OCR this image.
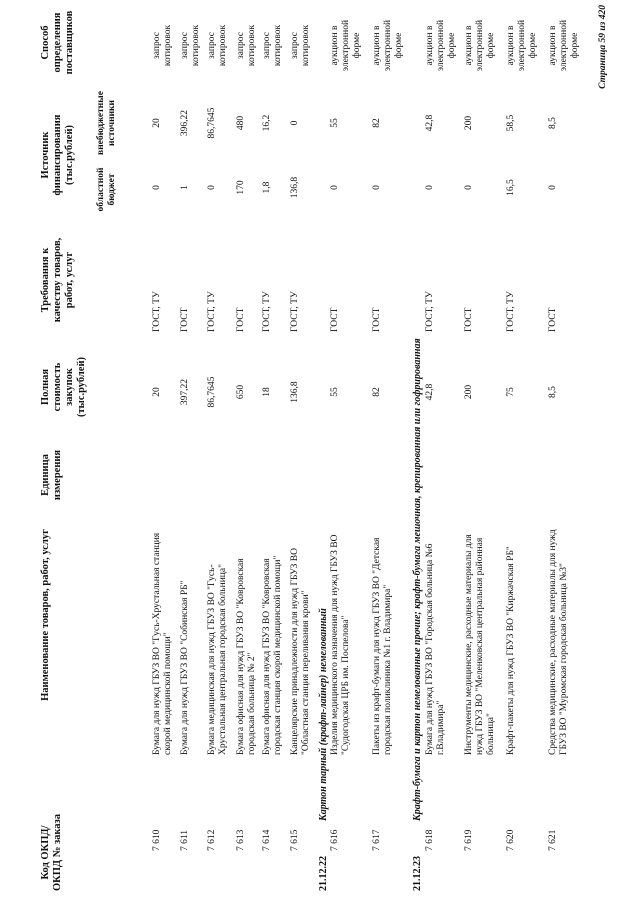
Код ОКПД/ ОКПД № заказа
Наименование товаров, работ, услуг
Единица измерения
Полная стоимость закупок (тыс.рублей)
Требования к качеству товаров, работ, услуг
Источник финансирования (тыс.рублей)
областной бюджет
внебюджетные источники
Способ определения поставщиков
7 610
Бумага для нужд ГБУЗ ВО "Гусь-Хрустальная станция скорой медицинской помощи"
20
ГОСТ, ТУ
0
20
запрос котировок
7 611
Бумага для нужд ГБУЗ ВО "Собинская РБ"
397,22
ГОСТ
1
396,22
запрос котировок
7 612
Бумага медицинская для нужд ГБУЗ ВО "Гусь-Хрустальная центральная городская больница"
86,7645
ГОСТ, ТУ
0
86,7645
запрос котировок
7 613
Бумага офисная для нужд ГБУЗ ВО "Ковровская городская больница № 2"
650
ГОСТ
170
480
запрос котировок
7 614
Бумага офисная для нужд ГБУЗ ВО "Ковровская городская станция скорой медицинской помощи"
18
ГОСТ, ТУ
1,8
16,2
запрос котировок
7 615
Канцелярские принадлежности для нужд ГБУЗ ВО "Областная станция переливания крови"
136,8
ГОСТ, ТУ
136,8
0
запрос котировок
21.12.22
Картон тарный (крафт-лайнер) немелованный
7 616
Изделия медицинского назначения для нужд ГБУЗ ВО "Судогодская ЦРБ им. Поспелова"
55
ГОСТ
0
55
аукцион в электронной форме
7 617
Пакеты из крафт-бумаги для нужд ГБУЗ ВО "Детская городская поликлиника №1 г. Владимира"
82
ГОСТ
0
82
аукцион в электронной форме
21.12.23
Крафт-бумага и картон немелованные прочие; крафт-бумага мешочная, крепированная или гофрированная
7 618
Бумага для нужд ГБУЗ ВО "Городская больница №6 г.Владимира"
42,8
ГОСТ, ТУ
0
42,8
аукцион в электронной форме
7 619
Инструменты медицинские, расходные материалы для нужд ГБУЗ ВО "Меленковская центральная районная больница"
200
ГОСТ
0
200
аукцион в электронной форме
7 620
Крафт-пакеты для нужд ГБУЗ ВО "Киржачская РБ"
75
ГОСТ, ТУ
16,5
58,5
аукцион в электронной форме
7 621
Средства медицинские, расходные материалы для нужд ГБУЗ ВО "Муромская городская больница №3"
8,5
ГОСТ
0
8,5
аукцион в электронной форме Страница 59 из 420
